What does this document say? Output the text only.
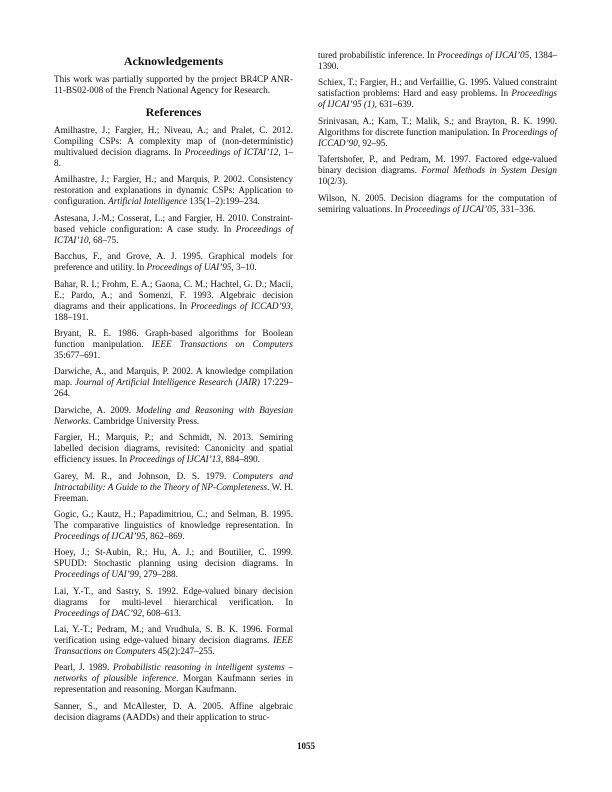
Acknowledgements

This work was partially supported by the project BR4CP ANR-11-BS02-008 of the French National Agency for Research.

References

Amilhastre, J.; Fargier, H.; Niveau, A.; and Pralet, C. 2012. Compiling CSPs: A complexity map of (non-deterministic) multivalued decision diagrams. In Proceedings of ICTAI’12, 1–8.

Amilhastre, J.; Fargier, H.; and Marquis, P. 2002. Consistency restoration and explanations in dynamic CSPs: Application to configuration. Artificial Intelligence 135(1–2):199–234.

Astesana, J.-M.; Cosserat, L.; and Fargier, H. 2010. Constraint-based vehicle configuration: A case study. In Proceedings of ICTAI’10, 68–75.

Bacchus, F., and Grove, A. J. 1995. Graphical models for preference and utility. In Proceedings of UAI’95, 3–10.

Bahar, R. I.; Frohm, E. A.; Gaona, C. M.; Hachtel, G. D.; Macii, E.; Pardo, A.; and Somenzi, F. 1993. Algebraic decision diagrams and their applications. In Proceedings of ICCAD’93, 188–191.

Bryant, R. E. 1986. Graph-based algorithms for Boolean function manipulation. IEEE Transactions on Computers 35:677–691.

Darwiche, A., and Marquis, P. 2002. A knowledge compilation map. Journal of Artificial Intelligence Research (JAIR) 17:229–264.

Darwiche, A. 2009. Modeling and Reasoning with Bayesian Networks. Cambridge University Press.

Fargier, H.; Marquis, P.; and Schmidt, N. 2013. Semiring labelled decision diagrams, revisited: Canonicity and spatial efficiency issues. In Proceedings of IJCAI’13, 884–890.

Garey, M. R., and Johnson, D. S. 1979. Computers and Intractability: A Guide to the Theory of NP-Completeness. W. H. Freeman.

Gogic, G.; Kautz, H.; Papadimitriou, C.; and Selman, B. 1995. The comparative linguistics of knowledge representation. In Proceedings of IJCAI’95, 862–869.

Hoey, J.; St-Aubin, R.; Hu, A. J.; and Boutilier, C. 1999. SPUDD: Stochastic planning using decision diagrams. In Proceedings of UAI’99, 279–288.

Lai, Y.-T., and Sastry, S. 1992. Edge-valued binary decision diagrams for multi-level hierarchical verification. In Proceedings of DAC’92, 608–613.

Lai, Y.-T.; Pedram, M.; and Vrudhula, S. B. K. 1996. Formal verification using edge-valued binary decision diagrams. IEEE Transactions on Computers 45(2):247–255.

Pearl, J. 1989. Probabilistic reasoning in intelligent systems – networks of plausible inference. Morgan Kaufmann series in representation and reasoning. Morgan Kaufmann.

Sanner, S., and McAllester, D. A. 2005. Affine algebraic decision diagrams (AADDs) and their application to struc-

tured probabilistic inference. In Proceedings of IJCAI’05, 1384–1390.

Schiex, T.; Fargier, H.; and Verfaillie, G. 1995. Valued constraint satisfaction problems: Hard and easy problems. In Proceedings of IJCAI’95 (1), 631–639.

Srinivasan, A.; Kam, T.; Malik, S.; and Brayton, R. K. 1990. Algorithms for discrete function manipulation. In Proceedings of ICCAD’90, 92–95.

Tafertshofer, P., and Pedram, M. 1997. Factored edge-valued binary decision diagrams. Formal Methods in System Design 10(2/3).

Wilson, N. 2005. Decision diagrams for the computation of semiring valuations. In Proceedings of IJCAI’05, 331–336.

1055
